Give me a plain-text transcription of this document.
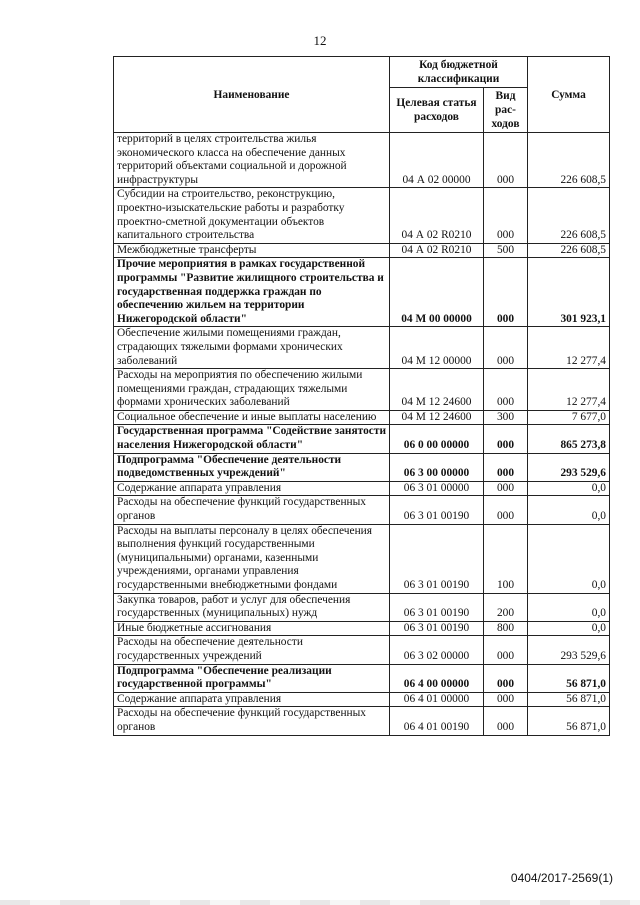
12
Наименование	Код бюджетной классификации		Сумма
	Целевая статья расходов	Вид рас-ходов	
территорий в целях строительства жилья экономического класса на обеспечение данных территорий объектами социальной и дорожной инфраструктуры	04 А 02 00000	000	226 608,5
Субсидии на строительство, реконструкцию, проектно-изыскательские работы и разработку проектно-сметной документации объектов капитального строительства	04 А 02 R0210	000	226 608,5
Межбюджетные трансферты	04 А 02 R0210	500	226 608,5
Прочие мероприятия в рамках государственной программы "Развитие жилищного строительства и государственная поддержка граждан по обеспечению жильем на территории Нижегородской области"	04 М 00 00000	000	301 923,1
Обеспечение жилыми помещениями граждан, страдающих тяжелыми формами хронических заболеваний	04 М 12 00000	000	12 277,4
Расходы на мероприятия по обеспечению жилыми помещениями граждан, страдающих тяжелыми формами хронических заболеваний	04 М 12 24600	000	12 277,4
Социальное обеспечение и иные выплаты населению	04 М 12 24600	300	7 677,0
Государственная программа "Содействие занятости населения Нижегородской области"	06 0 00 00000	000	865 273,8
Подпрограмма "Обеспечение деятельности подведомственных учреждений"	06 3 00 00000	000	293 529,6
Содержание аппарата управления	06 3 01 00000	000	0,0
Расходы на обеспечение функций государственных органов	06 3 01 00190	000	0,0
Расходы на выплаты персоналу в целях обеспечения выполнения функций государственными (муниципальными) органами, казенными учреждениями, органами управления государственными внебюджетными фондами	06 3 01 00190	100	0,0
Закупка товаров, работ и услуг для обеспечения государственных (муниципальных) нужд	06 3 01 00190	200	0,0
Иные бюджетные ассигнования	06 3 01 00190	800	0,0
Расходы на обеспечение деятельности государственных учреждений	06 3 02 00000	000	293 529,6
Подпрограмма "Обеспечение реализации государственной программы"	06 4 00 00000	000	56 871,0
Содержание аппарата управления	06 4 01 00000	000	56 871,0
Расходы на обеспечение функций государственных органов	06 4 01 00190	000	56 871,0
0404/2017-2569(1)
